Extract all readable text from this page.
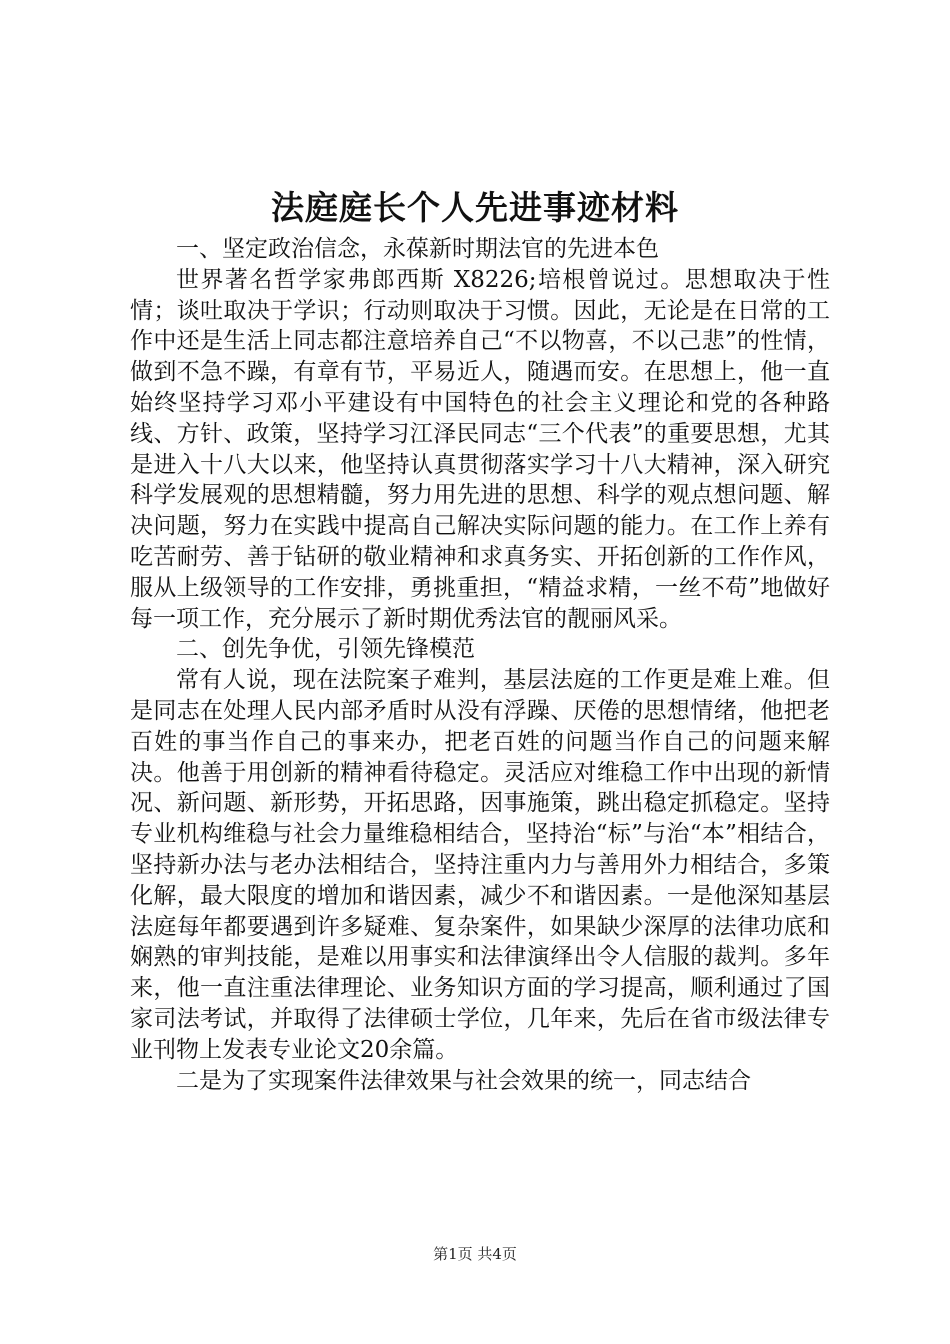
法庭庭长个人先进事迹材料

一、坚定政治信念，永葆新时期法官的先进本色

世界著名哲学家弗郎西斯 X8226;培根曾说过。思想取决于性情；谈吐取决于学识；行动则取决于习惯。因此，无论是在日常的工作中还是生活上同志都注意培养自己“不以物喜，不以己悲”的性情，做到不急不躁，有章有节，平易近人，随遇而安。在思想上，他一直始终坚持学习邓小平建设有中国特色的社会主义理论和党的各种路线、方针、政策，坚持学习江泽民同志“三个代表”的重要思想，尤其是进入十八大以来，他坚持认真贯彻落实学习十八大精神，深入研究科学发展观的思想精髓，努力用先进的思想、科学的观点想问题、解决问题，努力在实践中提高自己解决实际问题的能力。在工作上养有吃苦耐劳、善于钻研的敬业精神和求真务实、开拓创新的工作作风，服从上级领导的工作安排，勇挑重担，“精益求精，一丝不苟”地做好每一项工作，充分展示了新时期优秀法官的靓丽风采。

二、创先争优，引领先锋模范

常有人说，现在法院案子难判，基层法庭的工作更是难上难。但是同志在处理人民内部矛盾时从没有浮躁、厌倦的思想情绪，他把老百姓的事当作自己的事来办，把老百姓的问题当作自己的问题来解决。他善于用创新的精神看待稳定。灵活应对维稳工作中出现的新情况、新问题、新形势，开拓思路，因事施策，跳出稳定抓稳定。坚持专业机构维稳与社会力量维稳相结合，坚持治“标”与治“本”相结合，坚持新办法与老办法相结合，坚持注重内力与善用外力相结合，多策化解，最大限度的增加和谐因素，减少不和谐因素。一是他深知基层法庭每年都要遇到许多疑难、复杂案件，如果缺少深厚的法律功底和娴熟的审判技能，是难以用事实和法律演绎出令人信服的裁判。多年来，他一直注重法律理论、业务知识方面的学习提高，顺利通过了国家司法考试，并取得了法律硕士学位，几年来，先后在省市级法律专业刊物上发表专业论文20余篇。

二是为了实现案件法律效果与社会效果的统一，同志结合

第1页 共4页
